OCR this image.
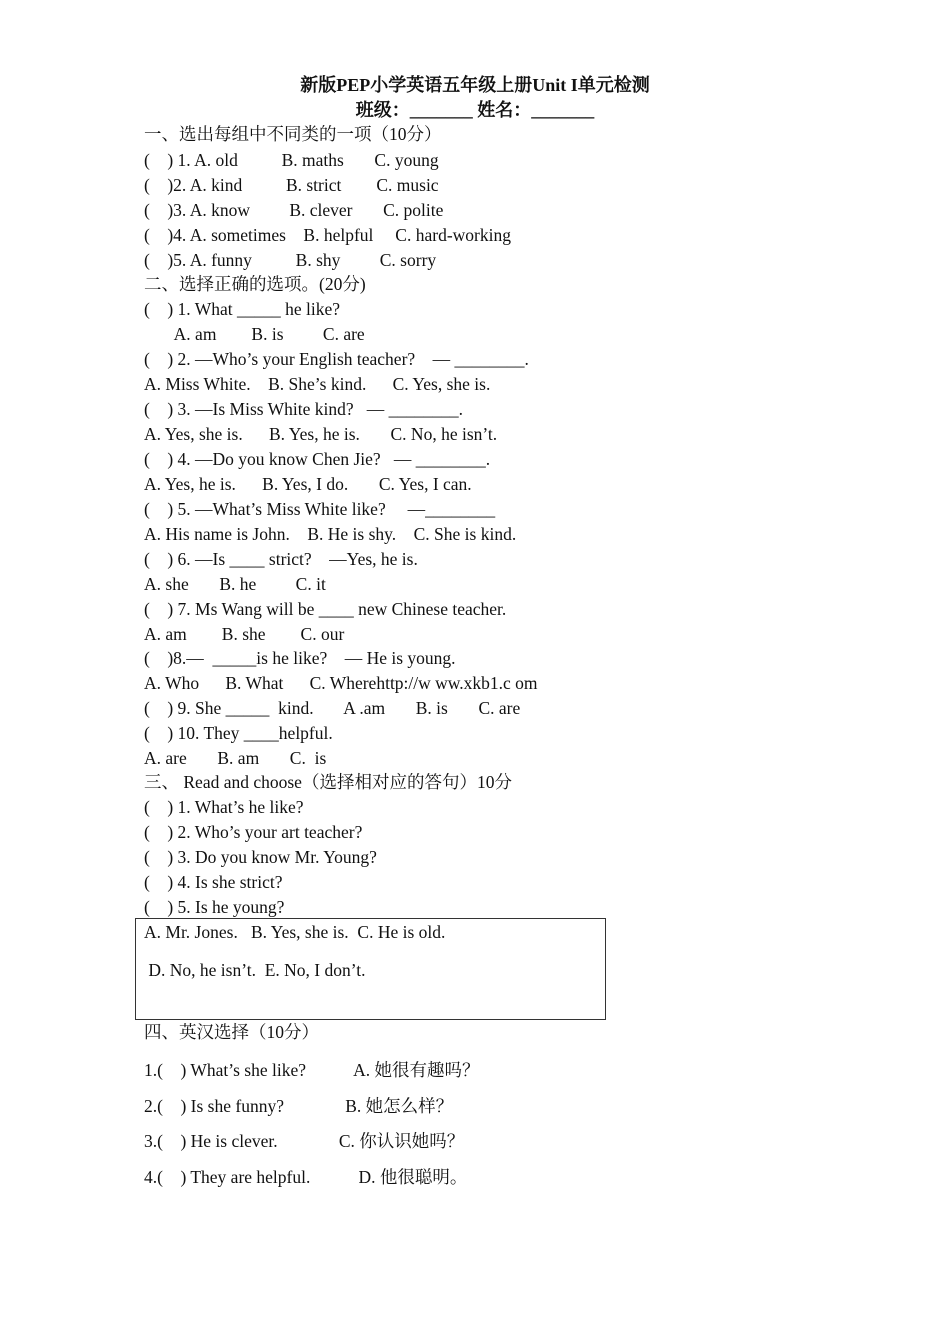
新版PEP小学英语五年级上册Unit I单元检测
班级：_______ 姓名：_______
一、选出每组中不同类的一项（10分）
(    ) 1. A. old          B. maths       C. young
(    )2. A. kind          B. strict        C. music
(    )3. A. know         B. clever       C. polite
(    )4. A. sometimes    B. helpful     C. hard-working
(    )5. A. funny          B. shy         C. sorry
二、选择正确的选项。(20分)
(    ) 1. What _____ he like?
A. am        B. is         C. are
(    ) 2. —Who’s your English teacher?    — ________.
A. Miss White.    B. She’s kind.      C. Yes, she is.
(    ) 3. —Is Miss White kind?   — ________.
A. Yes, she is.      B. Yes, he is.       C. No, he isn’t.
(    ) 4. —Do you know Chen Jie?   — ________.
A. Yes, he is.      B. Yes, I do.       C. Yes, I can.
(    ) 5. —What’s Miss White like?     —________
A. His name is John.    B. He is shy.    C. She is kind.
(    ) 6. —Is ____ strict?    —Yes, he is.
A. she       B. he         C. it
(    ) 7. Ms Wang will be ____ new Chinese teacher.
A. am        B. she        C. our
(    )8.—  _____is he like?    — He is young.
A. Who      B. What      C. Wherehttp://w ww.xkb1.c om
(    ) 9. She _____  kind.       A .am       B. is       C. are
(    ) 10. They ____helpful.
A. are       B. am       C.  is
三、 Read and choose（选择相对应的答句）10分
(    ) 1. What’s he like?
(    ) 2. Who’s your art teacher?
(    ) 3. Do you know Mr. Young?
(    ) 4. Is she strict?
(    ) 5. Is he young?
A. Mr. Jones.   B. Yes, she is.  C. He is old.
D. No, he isn’t.  E. No, I don’t.
四、英汉选择（10分）
1.(    ) What’s she like?           A. 她很有趣吗？
2.(    ) Is she funny?              B. 她怎么样？
3.(    ) He is clever.              C. 你认识她吗？
4.(    ) They are helpful.           D. 他很聪明。
